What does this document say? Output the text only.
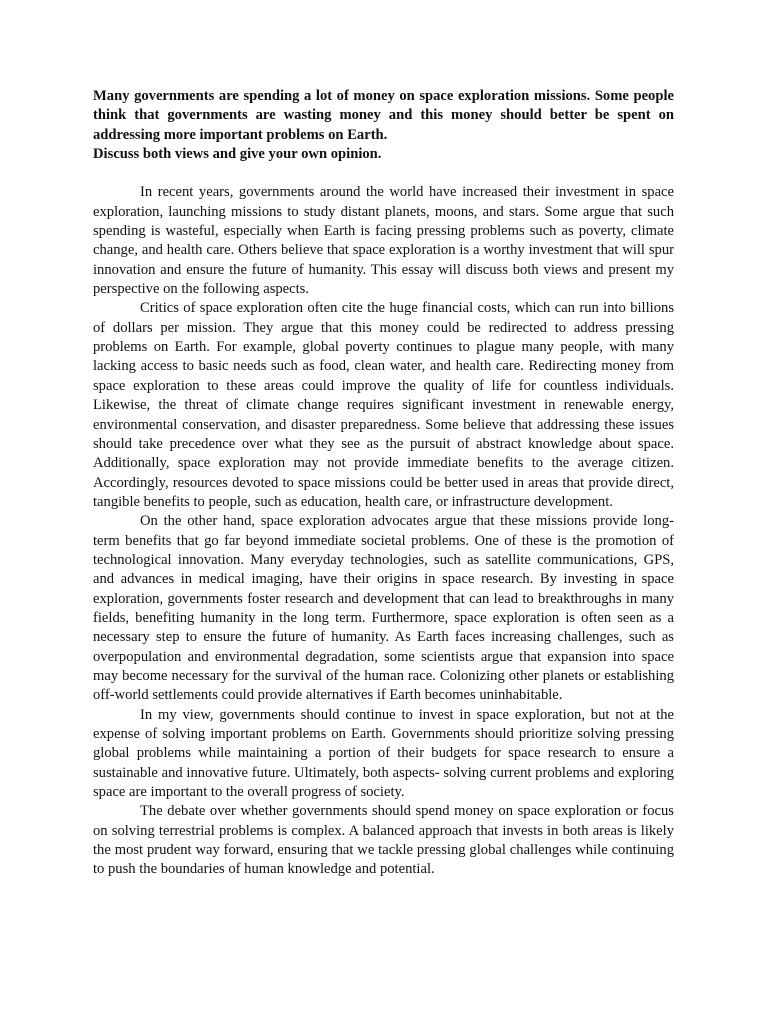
Many governments are spending a lot of money on space exploration missions. Some people think that governments are wasting money and this money should better be spent on addressing more important problems on Earth.

Discuss both views and give your own opinion.

In recent years, governments around the world have increased their investment in space exploration, launching missions to study distant planets, moons, and stars. Some argue that such spending is wasteful, especially when Earth is facing pressing problems such as poverty, climate change, and health care. Others believe that space exploration is a worthy investment that will spur innovation and ensure the future of humanity. This essay will discuss both views and present my perspective on the following aspects.

Critics of space exploration often cite the huge financial costs, which can run into billions of dollars per mission. They argue that this money could be redirected to address pressing problems on Earth. For example, global poverty continues to plague many people, with many lacking access to basic needs such as food, clean water, and health care. Redirecting money from space exploration to these areas could improve the quality of life for countless individuals. Likewise, the threat of climate change requires significant investment in renewable energy, environmental conservation, and disaster preparedness. Some believe that addressing these issues should take precedence over what they see as the pursuit of abstract knowledge about space. Additionally, space exploration may not provide immediate benefits to the average citizen. Accordingly, resources devoted to space missions could be better used in areas that provide direct, tangible benefits to people, such as education, health care, or infrastructure development.

On the other hand, space exploration advocates argue that these missions provide long-term benefits that go far beyond immediate societal problems. One of these is the promotion of technological innovation. Many everyday technologies, such as satellite communications, GPS, and advances in medical imaging, have their origins in space research. By investing in space exploration, governments foster research and development that can lead to breakthroughs in many fields, benefiting humanity in the long term. Furthermore, space exploration is often seen as a necessary step to ensure the future of humanity. As Earth faces increasing challenges, such as overpopulation and environmental degradation, some scientists argue that expansion into space may become necessary for the survival of the human race. Colonizing other planets or establishing off-world settlements could provide alternatives if Earth becomes uninhabitable.

In my view, governments should continue to invest in space exploration, but not at the expense of solving important problems on Earth. Governments should prioritize solving pressing global problems while maintaining a portion of their budgets for space research to ensure a sustainable and innovative future. Ultimately, both aspects- solving current problems and exploring space are important to the overall progress of society.

The debate over whether governments should spend money on space exploration or focus on solving terrestrial problems is complex. A balanced approach that invests in both areas is likely the most prudent way forward, ensuring that we tackle pressing global challenges while continuing to push the boundaries of human knowledge and potential.
